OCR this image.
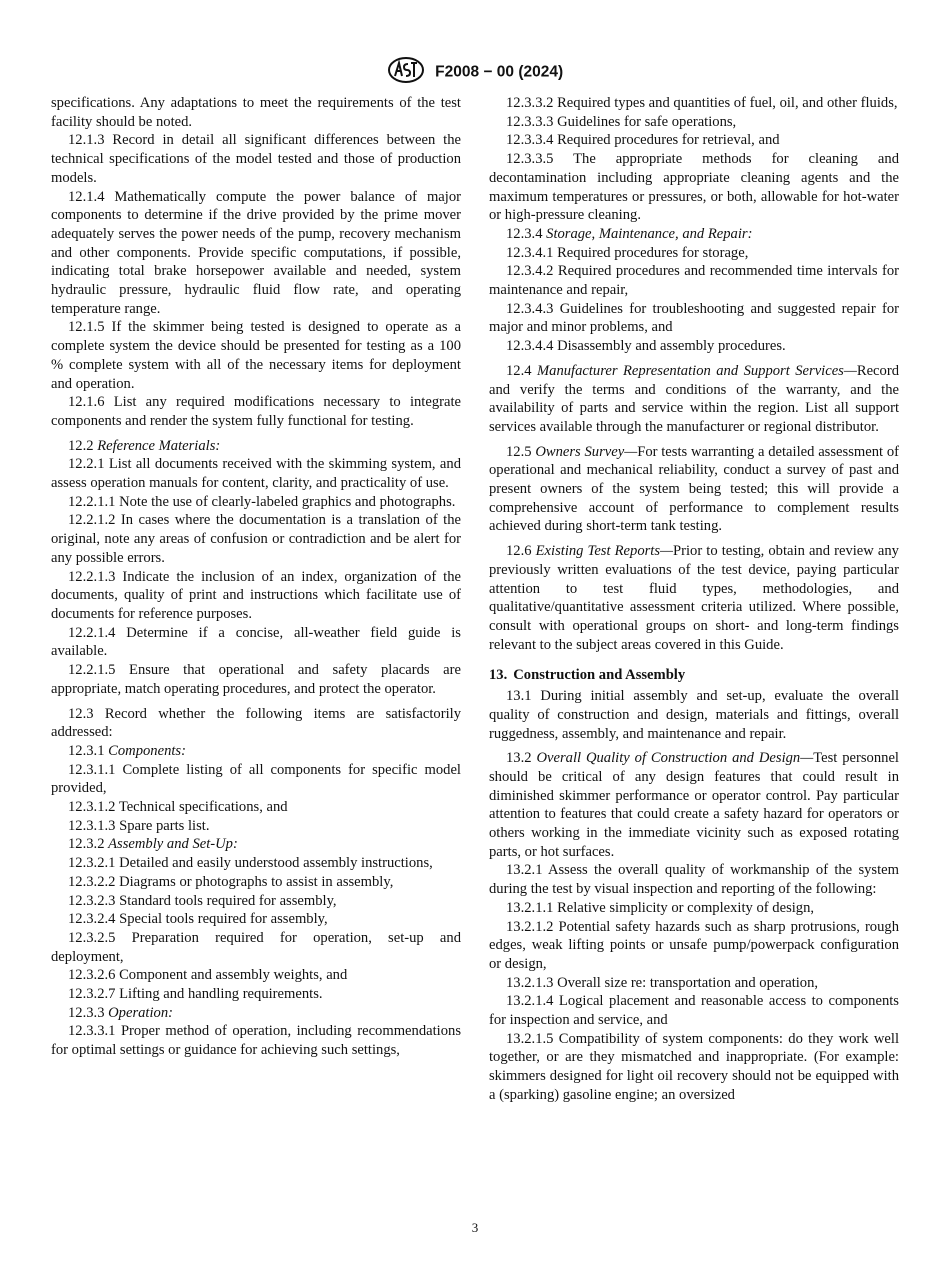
F2008 − 00 (2024)

specifications. Any adaptations to meet the requirements of the test facility should be noted.

12.1.3 Record in detail all significant differences between the technical specifications of the model tested and those of production models.

12.1.4 Mathematically compute the power balance of major components to determine if the drive provided by the prime mover adequately serves the power needs of the pump, recovery mechanism and other components. Provide specific computations, if possible, indicating total brake horsepower available and needed, system hydraulic pressure, hydraulic fluid flow rate, and operating temperature range.

12.1.5 If the skimmer being tested is designed to operate as a complete system the device should be presented for testing as a 100 % complete system with all of the necessary items for deployment and operation.

12.1.6 List any required modifications necessary to integrate components and render the system fully functional for testing.

12.2 Reference Materials:

12.2.1 List all documents received with the skimming system, and assess operation manuals for content, clarity, and practicality of use.

12.2.1.1 Note the use of clearly-labeled graphics and photographs.

12.2.1.2 In cases where the documentation is a translation of the original, note any areas of confusion or contradiction and be alert for any possible errors.

12.2.1.3 Indicate the inclusion of an index, organization of the documents, quality of print and instructions which facilitate use of documents for reference purposes.

12.2.1.4 Determine if a concise, all-weather field guide is available.

12.2.1.5 Ensure that operational and safety placards are appropriate, match operating procedures, and protect the operator.

12.3 Record whether the following items are satisfactorily addressed:

12.3.1 Components:

12.3.1.1 Complete listing of all components for specific model provided,

12.3.1.2 Technical specifications, and

12.3.1.3 Spare parts list.

12.3.2 Assembly and Set-Up:

12.3.2.1 Detailed and easily understood assembly instructions,

12.3.2.2 Diagrams or photographs to assist in assembly,

12.3.2.3 Standard tools required for assembly,

12.3.2.4 Special tools required for assembly,

12.3.2.5 Preparation required for operation, set-up and deployment,

12.3.2.6 Component and assembly weights, and

12.3.2.7 Lifting and handling requirements.

12.3.3 Operation:

12.3.3.1 Proper method of operation, including recommendations for optimal settings or guidance for achieving such settings,

12.3.3.2 Required types and quantities of fuel, oil, and other fluids,

12.3.3.3 Guidelines for safe operations,

12.3.3.4 Required procedures for retrieval, and

12.3.3.5 The appropriate methods for cleaning and decontamination including appropriate cleaning agents and the maximum temperatures or pressures, or both, allowable for hot-water or high-pressure cleaning.

12.3.4 Storage, Maintenance, and Repair:

12.3.4.1 Required procedures for storage,

12.3.4.2 Required procedures and recommended time intervals for maintenance and repair,

12.3.4.3 Guidelines for troubleshooting and suggested repair for major and minor problems, and

12.3.4.4 Disassembly and assembly procedures.

12.4 Manufacturer Representation and Support Services—Record and verify the terms and conditions of the warranty, and the availability of parts and service within the region. List all support services available through the manufacturer or regional distributor.

12.5 Owners Survey—For tests warranting a detailed assessment of operational and mechanical reliability, conduct a survey of past and present owners of the system being tested; this will provide a comprehensive account of performance to complement results achieved during short-term tank testing.

12.6 Existing Test Reports—Prior to testing, obtain and review any previously written evaluations of the test device, paying particular attention to test fluid types, methodologies, and qualitative/quantitative assessment criteria utilized. Where possible, consult with operational groups on short- and long-term findings relevant to the subject areas covered in this Guide.

13. Construction and Assembly

13.1 During initial assembly and set-up, evaluate the overall quality of construction and design, materials and fittings, overall ruggedness, assembly, and maintenance and repair.

13.2 Overall Quality of Construction and Design—Test personnel should be critical of any design features that could result in diminished skimmer performance or operator control. Pay particular attention to features that could create a safety hazard for operators or others working in the immediate vicinity such as exposed rotating parts, or hot surfaces.

13.2.1 Assess the overall quality of workmanship of the system during the test by visual inspection and reporting of the following:

13.2.1.1 Relative simplicity or complexity of design,

13.2.1.2 Potential safety hazards such as sharp protrusions, rough edges, weak lifting points or unsafe pump/powerpack configuration or design,

13.2.1.3 Overall size re: transportation and operation,

13.2.1.4 Logical placement and reasonable access to components for inspection and service, and

13.2.1.5 Compatibility of system components: do they work well together, or are they mismatched and inappropriate. (For example: skimmers designed for light oil recovery should not be equipped with a (sparking) gasoline engine; an oversized

3
